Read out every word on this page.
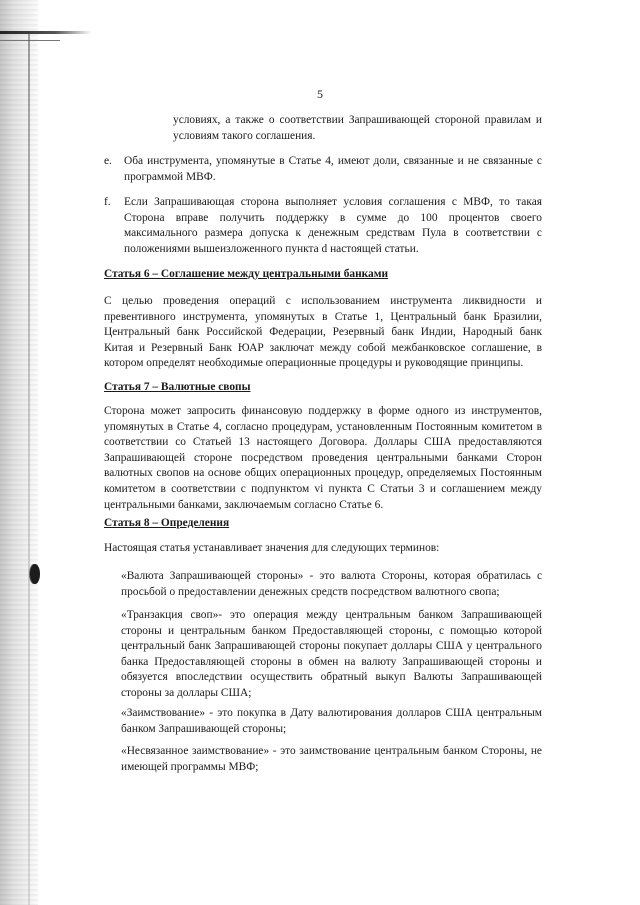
5
условиях, а также о соответствии Запрашивающей стороной правилам и условиям такого соглашения.
e. Оба инструмента, упомянутые в Статье 4, имеют доли, связанные и не связанные с программой МВФ.
f. Если Запрашивающая сторона выполняет условия соглашения с МВФ, то такая Сторона вправе получить поддержку в сумме до 100 процентов своего максимального размера допуска к денежным средствам Пула в соответствии с положениями вышеизложенного пункта d настоящей статьи.
Статья 6 – Соглашение между центральными банками
С целью проведения операций с использованием инструмента ликвидности и превентивного инструмента, упомянутых в Статье 1, Центральный банк Бразилии, Центральный банк Российской Федерации, Резервный банк Индии, Народный банк Китая и Резервный Банк ЮАР заключат между собой межбанковское соглашение, в котором определят необходимые операционные процедуры и руководящие принципы.
Статья 7 – Валютные свопы
Сторона может запросить финансовую поддержку в форме одного из инструментов, упомянутых в Статье 4, согласно процедурам, установленным Постоянным комитетом в соответствии со Статьей 13 настоящего Договора. Доллары США предоставляются Запрашивающей стороне посредством проведения центральными банками Сторон валютных свопов на основе общих операционных процедур, определяемых Постоянным комитетом в соответствии с подпунктом vi пункта С Статьи 3 и соглашением между центральными банками, заключаемым согласно Статье 6.
Статья 8 – Определения
Настоящая статья устанавливает значения для следующих терминов:
«Валюта Запрашивающей стороны» - это валюта Стороны, которая обратилась с просьбой о предоставлении денежных средств посредством валютного свопа;
«Транзакция своп»- это операция между центральным банком Запрашивающей стороны и центральным банком Предоставляющей стороны, с помощью которой центральный банк Запрашивающей стороны покупает доллары США у центрального банка Предоставляющей стороны в обмен на валюту Запрашивающей стороны и обязуется впоследствии осуществить обратный выкуп Валюты Запрашивающей стороны за доллары США;
«Заимствование» - это покупка в Дату валютирования долларов США центральным банком Запрашивающей стороны;
«Несвязанное заимствование» - это заимствование центральным банком Стороны, не имеющей программы МВФ;
